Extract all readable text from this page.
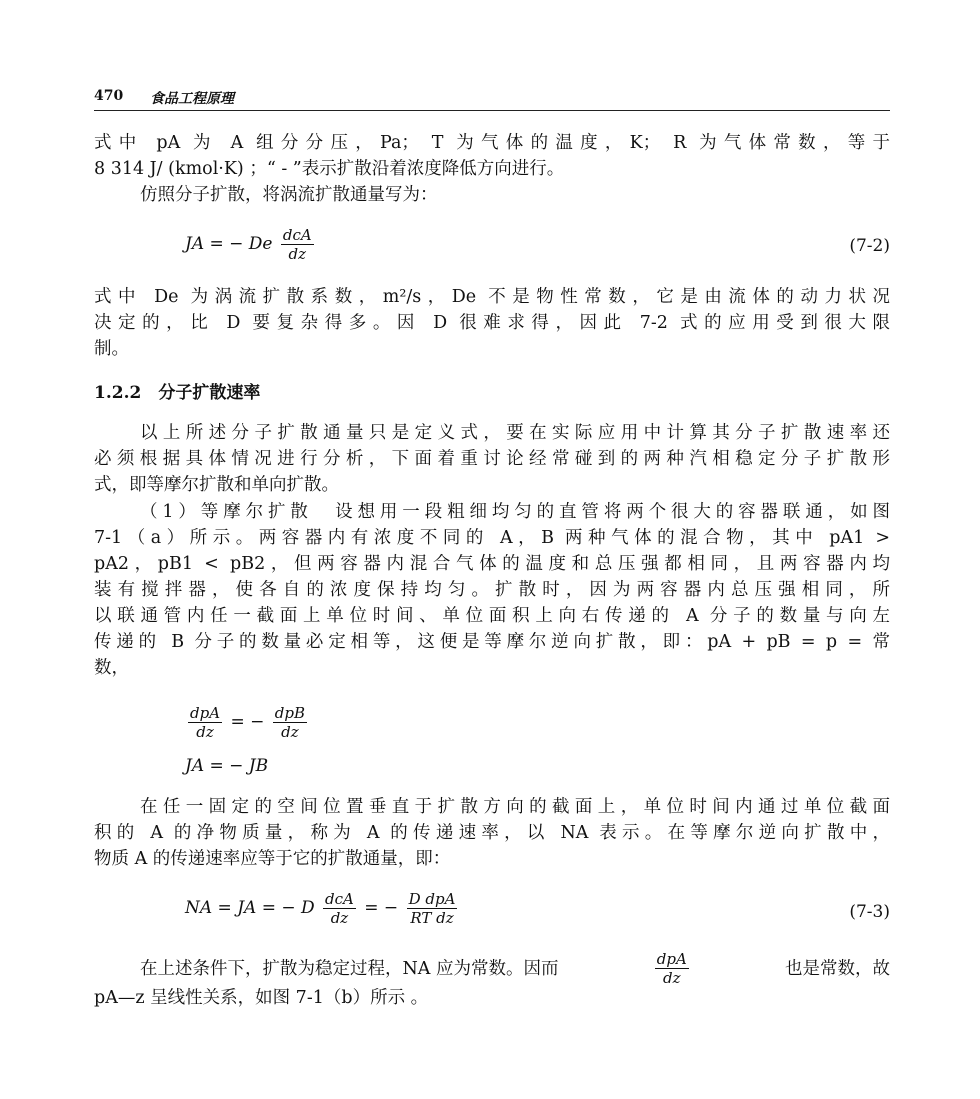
470 食品工程原理

式中 pA 为 A 组分分压，Pa； T 为气体的温度，K； R 为气体常数，等于

8 314 J/ (kmol·K) ；“ - ”表示扩散沿着浓度降低方向进行。

仿照分子扩散，将涡流扩散通量写为：

JA = − De $\frac{\text{dcA}}{dz}$	(7-2)

式中 De 为涡流扩散系数，m²/s，De 不是物性常数，它是由流体的动力状况

决定的，比 D 要复杂得多。因 D 很难求得，因此 7-2 式的应用受到很大限

制。

1.2.2　分子扩散速率

以上所述分子扩散通量只是定义式，要在实际应用中计算其分子扩散速率还

必须根据具体情况进行分析，下面着重讨论经常碰到的两种汽相稳定分子扩散形

式，即等摩尔扩散和单向扩散。

（1）等摩尔扩散　设想用一段粗细均匀的直管将两个很大的容器联通，如图

7-1（a）所示。两容器内有浓度不同的 A，B 两种气体的混合物，其中 pA1 >

pA2，pB1 < pB2，但两容器内混合气体的温度和总压强都相同，且两容器内均

装有搅拌器，使各自的浓度保持均匀。扩散时，因为两容器内总压强相同，所

以联通管内任一截面上单位时间、单位面积上向右传递的 A 分子的数量与向左

传递的 B 分子的数量必定相等，这便是等摩尔逆向扩散，即：pA + pB = p = 常

数，

$\frac{\text{dpA}}{dz}$ = − $\frac{\text{dpB}}{dz}$
JA = − JB

在任一固定的空间位置垂直于扩散方向的截面上，单位时间内通过单位截面

积的 A 的净物质量，称为 A 的传递速率，以 NA 表示。在等摩尔逆向扩散中，

物质 A 的传递速率应等于它的扩散通量，即：

NA = JA = − D $\frac{\text{dcA}}{dz}$ = − $\frac{\text{D dpA}}{\text{RT dz}}$	(7-3)
在上述条件下，扩散为稳定过程，NA 应为常数。因而	$\frac{\text{dpA}}{dz}$	也是常数，故

pA—z 呈线性关系，如图 7-1（b）所示 。
